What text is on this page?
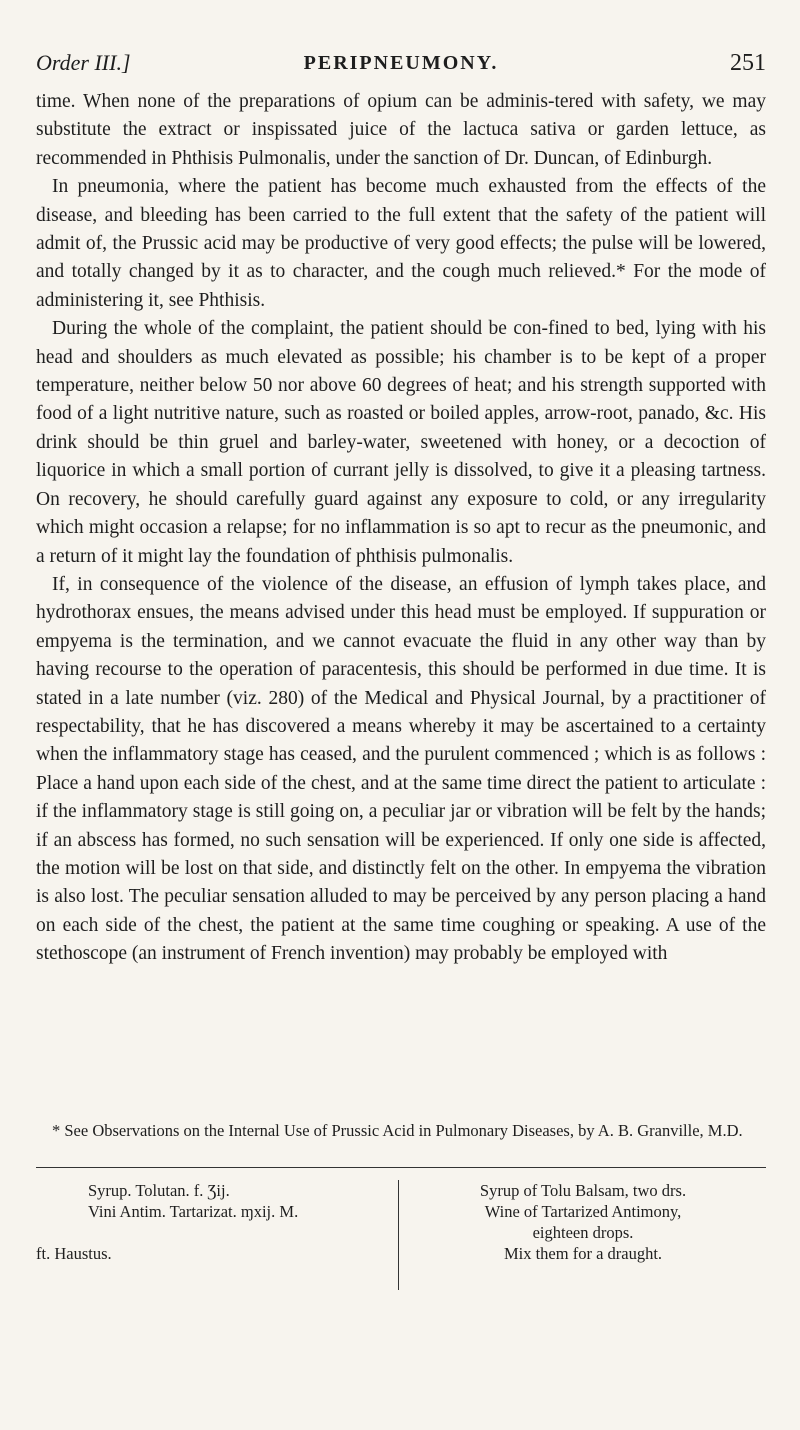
Order III.]	PERIPNEUMONY.	251

time. When none of the preparations of opium can be adminis-tered with safety, we may substitute the extract or inspissated juice of the lactuca sativa or garden lettuce, as recommended in Phthisis Pulmonalis, under the sanction of Dr. Duncan, of Edinburgh.

In pneumonia, where the patient has become much exhausted from the effects of the disease, and bleeding has been carried to the full extent that the safety of the patient will admit of, the Prussic acid may be productive of very good effects; the pulse will be lowered, and totally changed by it as to character, and the cough much relieved.* For the mode of administering it, see Phthisis.

During the whole of the complaint, the patient should be con-fined to bed, lying with his head and shoulders as much elevated as possible; his chamber is to be kept of a proper temperature, neither below 50 nor above 60 degrees of heat; and his strength supported with food of a light nutritive nature, such as roasted or boiled apples, arrow-root, panado, &c. His drink should be thin gruel and barley-water, sweetened with honey, or a decoction of liquorice in which a small portion of currant jelly is dissolved, to give it a pleasing tartness. On recovery, he should carefully guard against any exposure to cold, or any irregularity which might occasion a relapse; for no inflammation is so apt to recur as the pneumonic, and a return of it might lay the foundation of phthisis pulmonalis.

If, in consequence of the violence of the disease, an effusion of lymph takes place, and hydrothorax ensues, the means advised under this head must be employed. If suppuration or empyema is the termination, and we cannot evacuate the fluid in any other way than by having recourse to the operation of paracentesis, this should be performed in due time. It is stated in a late number (viz. 280) of the Medical and Physical Journal, by a practitioner of respectability, that he has discovered a means whereby it may be ascertained to a certainty when the inflammatory stage has ceased, and the purulent commenced ; which is as follows : Place a hand upon each side of the chest, and at the same time direct the patient to articulate : if the inflammatory stage is still going on, a peculiar jar or vibration will be felt by the hands; if an abscess has formed, no such sensation will be experienced. If only one side is affected, the motion will be lost on that side, and distinctly felt on the other. In empyema the vibration is also lost. The peculiar sensation alluded to may be perceived by any person placing a hand on each side of the chest, the patient at the same time coughing or speaking. A use of the stethoscope (an instrument of French invention) may probably be employed with

* See Observations on the Internal Use of Prussic Acid in Pulmonary Diseases, by A. B. Granville, M.D.
Syrup. Tolutan. f. Ʒij.
Vini Antim. Tartarizat. ɱxij. M.
ft. Haustus.
Syrup of Tolu Balsam, two drs.
Wine of Tartarized Antimony,
eighteen drops.
Mix them for a draught.
